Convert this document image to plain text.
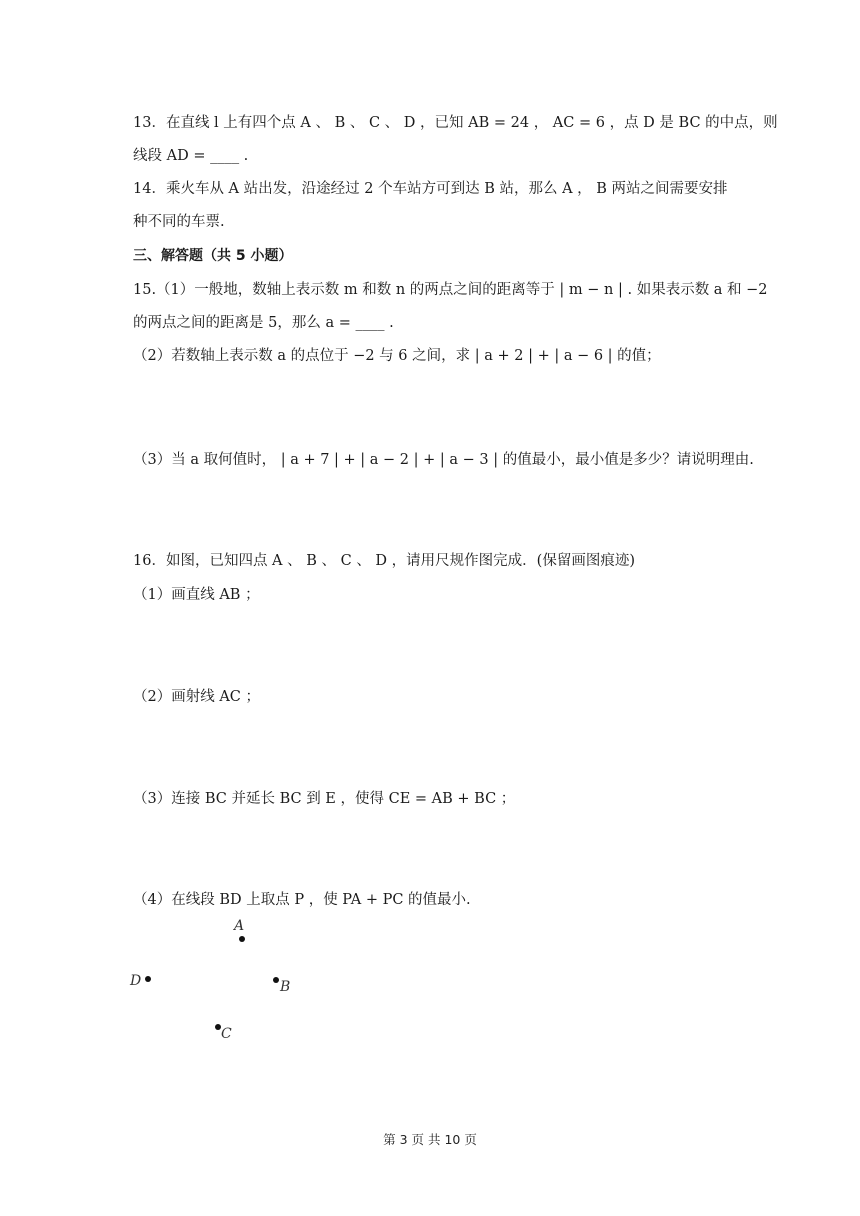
13．在直线 l 上有四个点 A 、 B 、 C 、 D ，已知 AB = 24 ， AC = 6 ，点 D 是 BC 的中点，则
线段 AD = ____ .
14．乘火车从 A 站出发，沿途经过 2 个车站方可到达 B 站，那么 A ， B 两站之间需要安排
种不同的车票.
三、解答题（共 5 小题）
15.（1）一般地，数轴上表示数 m 和数 n 的两点之间的距离等于 | m − n | . 如果表示数 a 和 −2
的两点之间的距离是 5，那么 a = ____ .
（2）若数轴上表示数 a 的点位于 −2 与 6 之间，求 | a + 2 | + | a − 6 | 的值；
（3）当 a 取何值时， | a + 7 | + | a − 2 | + | a − 3 | 的值最小，最小值是多少？请说明理由.
16．如图，已知四点 A 、 B 、 C 、 D ，请用尺规作图完成．(保留画图痕迹)
（1）画直线 AB ；
（2）画射线 AC ；
（3）连接 BC 并延长 BC 到 E ，使得 CE = AB + BC ；
（4）在线段 BD 上取点 P ，使 PA + PC 的值最小.
A
D	B
C
第 3 页 共 10 页
